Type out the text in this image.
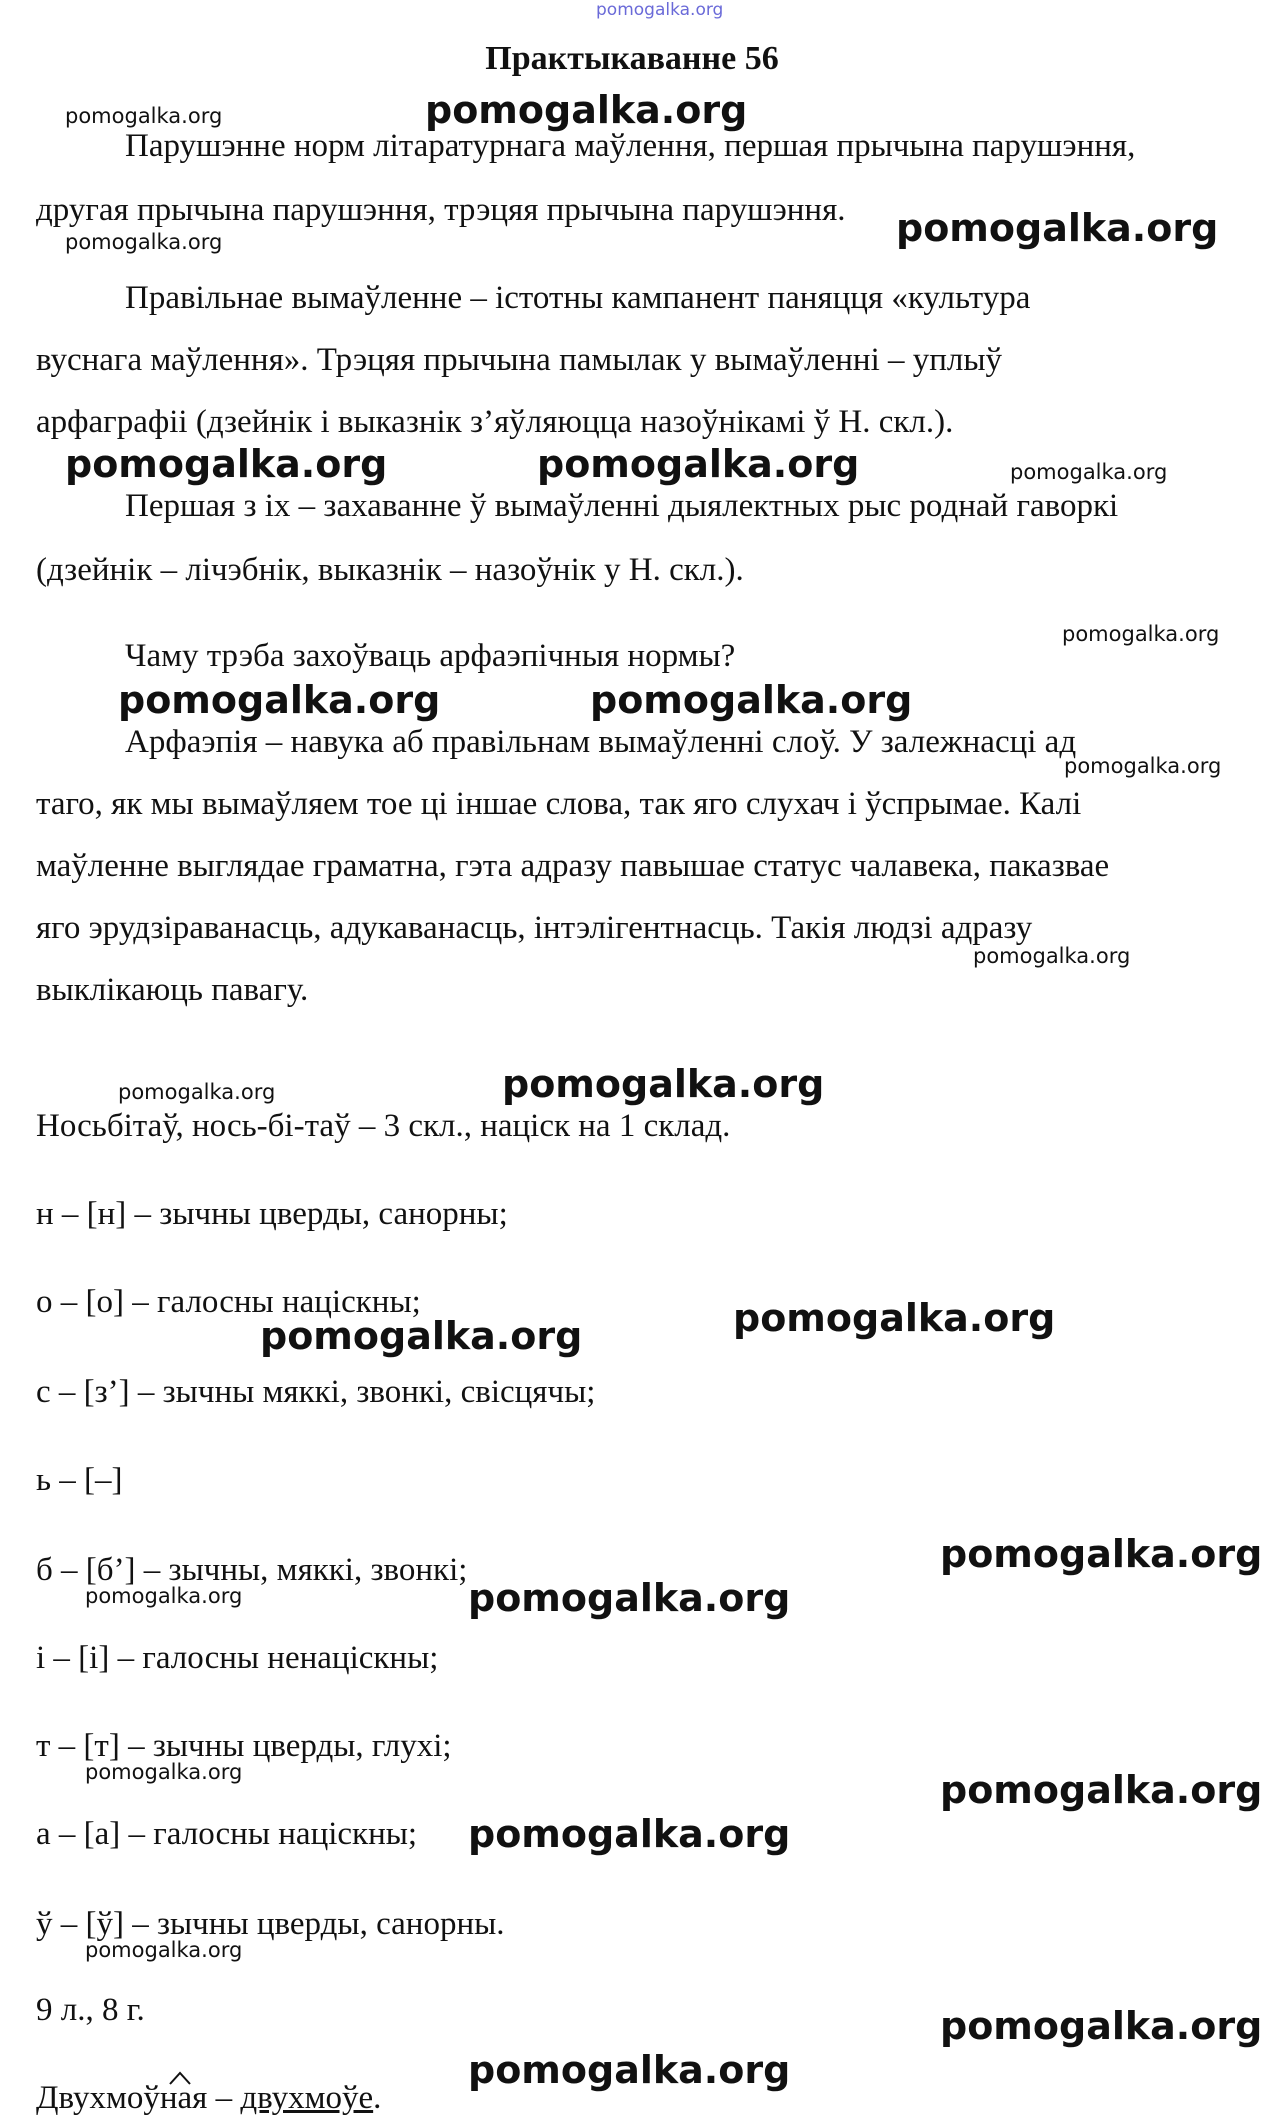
pomogalka.org
Практыкаванне 56
Парушэнне норм літаратурнага маўлення, першая прычына парушэння,
другая прычына парушэння, трэцяя прычына парушэння.
Правільнае вымаўленне – істотны кампанент паняцця «культура
вуснага маўлення». Трэцяя прычына памылак у вымаўленні – уплыў
арфаграфіі (дзейнік і выказнік з’яўляюцца назоўнікамі ў Н. скл.).
Першая з іх – захаванне ў вымаўленні дыялектных рыс роднай гаворкі
(дзейнік – лічэбнік, выказнік – назоўнік у Н. скл.).
Чаму трэба захоўваць арфаэпічныя нормы?
Арфаэпія – навука аб правільнам вымаўленні слоў. У залежнасці ад
таго, як мы вымаўляем тое ці іншае слова, так яго слухач і ўспрымае. Калі
маўленне выглядае граматна, гэта адразу павышае статус чалавека, паказвае
яго эрудзіраванасць, адукаванасць, інтэлігентнасць. Такія людзі адразу
выклікаюць павагу.
Носьбітаў, нось-бі-таў – 3 скл., націск на 1 склад.
н – [н] – зычны цверды, санорны;
о – [о] – галосны націскны;
с – [з’] – зычны мяккі, звонкі, свісцячы;
ь – [–]
б – [б’] – зычны, мяккі, звонкі;
і – [і] – галосны ненаціскны;
т – [т] – зычны цверды, глухі;
а – [а] – галосны націскны;
ў – [ў] – зычны цверды, санорны.
9 л., 8 г.
Двухмоўная – двухмоўе.
pomogalka.org	pomogalka.org
pomogalka.org	pomogalka.org
pomogalka.org	pomogalka.org	pomogalka.org
pomogalka.org
pomogalka.org	pomogalka.org
pomogalka.org
pomogalka.org
pomogalka.org	pomogalka.org
pomogalka.org
pomogalka.org
pomogalka.org
pomogalka.org	pomogalka.org
pomogalka.org	pomogalka.org
pomogalka.org
pomogalka.org
pomogalka.org
pomogalka.org
